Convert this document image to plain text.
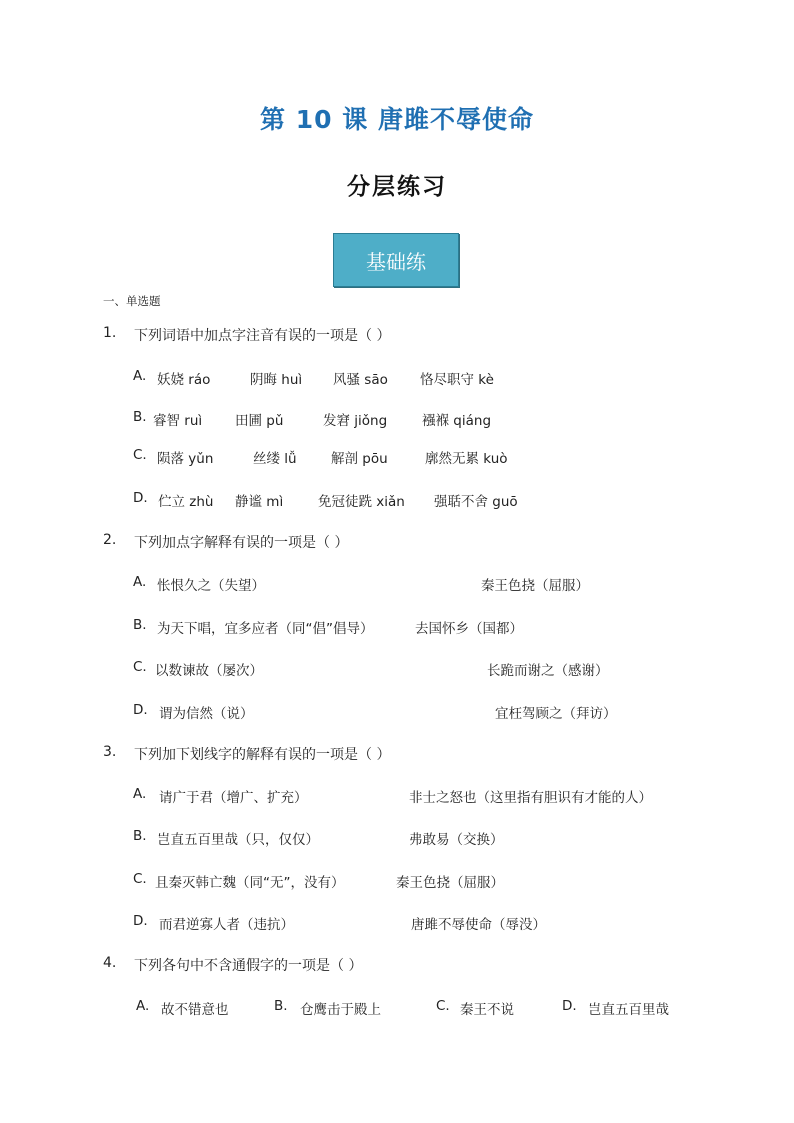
第 10 课 唐雎不辱使命
分层练习
基础练
一、单选题
1. 下列词语中加点字注音有误的一项是（ ）
A. 妖娆 ráo	阴晦 huì 风骚 sāo 恪尽职守 kè
B. 睿智 ruì 田圃 pǔ	发窘 jiǒng	襁褓 qiáng
C. 陨落 yǔn	丝缕 lǚ	解剖 pōu	廓然无累 kuò
D. 伫立 zhù 静谧 mì	免冠徒跣 xiǎn 强聒不舍 guō
2. 下列加点字解释有误的一项是（ ）
A. 怅恨久之（失望）	秦王色挠（屈服）
B. 为天下唱，宜多应者（同“倡”倡导）	去国怀乡（国都）
C. 以数谏故（屡次）	长跪而谢之（感谢）
D. 谓为信然（说）	宜枉驾顾之（拜访）
3. 下列加下划线字的解释有误的一项是（ ）
A. 请广于君（增广、扩充）	非士之怒也（这里指有胆识有才能的人）
B. 岂直五百里哉（只，仅仅）	弗敢易（交换）
C. 且秦灭韩亡魏（同“无”，没有）	秦王色挠（屈服）
D. 而君逆寡人者（违抗）	唐雎不辱使命（辱没）
4. 下列各句中不含通假字的一项是（ ）
A. 故不错意也	B. 仓鹰击于殿上	C. 秦王不说	D. 岂直五百里哉
